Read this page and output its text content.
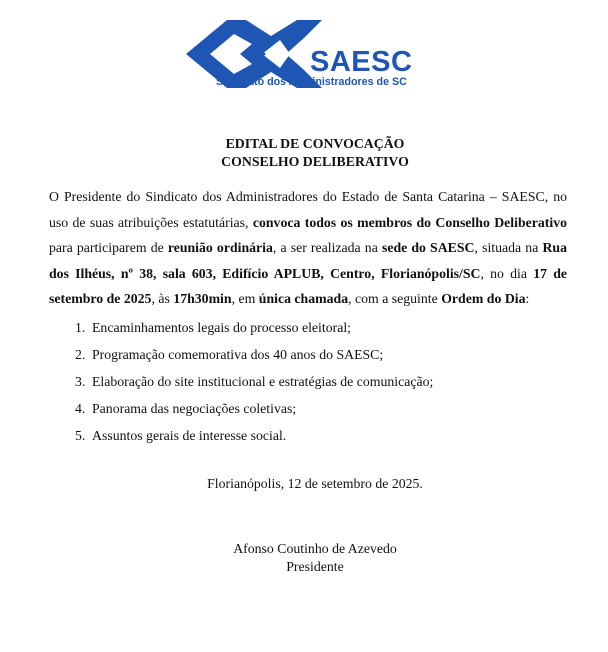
SAESC
Sindicato dos Administradores de SC
EDITAL DE CONVOCAÇÃO
CONSELHO DELIBERATIVO
O Presidente do Sindicato dos Administradores do Estado de Santa Catarina – SAESC, no uso de suas atribuições estatutárias, convoca todos os membros do Conselho Deliberativo para participarem de reunião ordinária, a ser realizada na sede do SAESC, situada na Rua dos Ilhéus, nº 38, sala 603, Edifício APLUB, Centro, Florianópolis/SC, no dia 17 de setembro de 2025, às 17h30min, em única chamada, com a seguinte Ordem do Dia:
1. Encaminhamentos legais do processo eleitoral;
2. Programação comemorativa dos 40 anos do SAESC;
3. Elaboração do site institucional e estratégias de comunicação;
4. Panorama das negociações coletivas;
5. Assuntos gerais de interesse social.
Florianópolis, 12 de setembro de 2025.
Afonso Coutinho de Azevedo
Presidente
